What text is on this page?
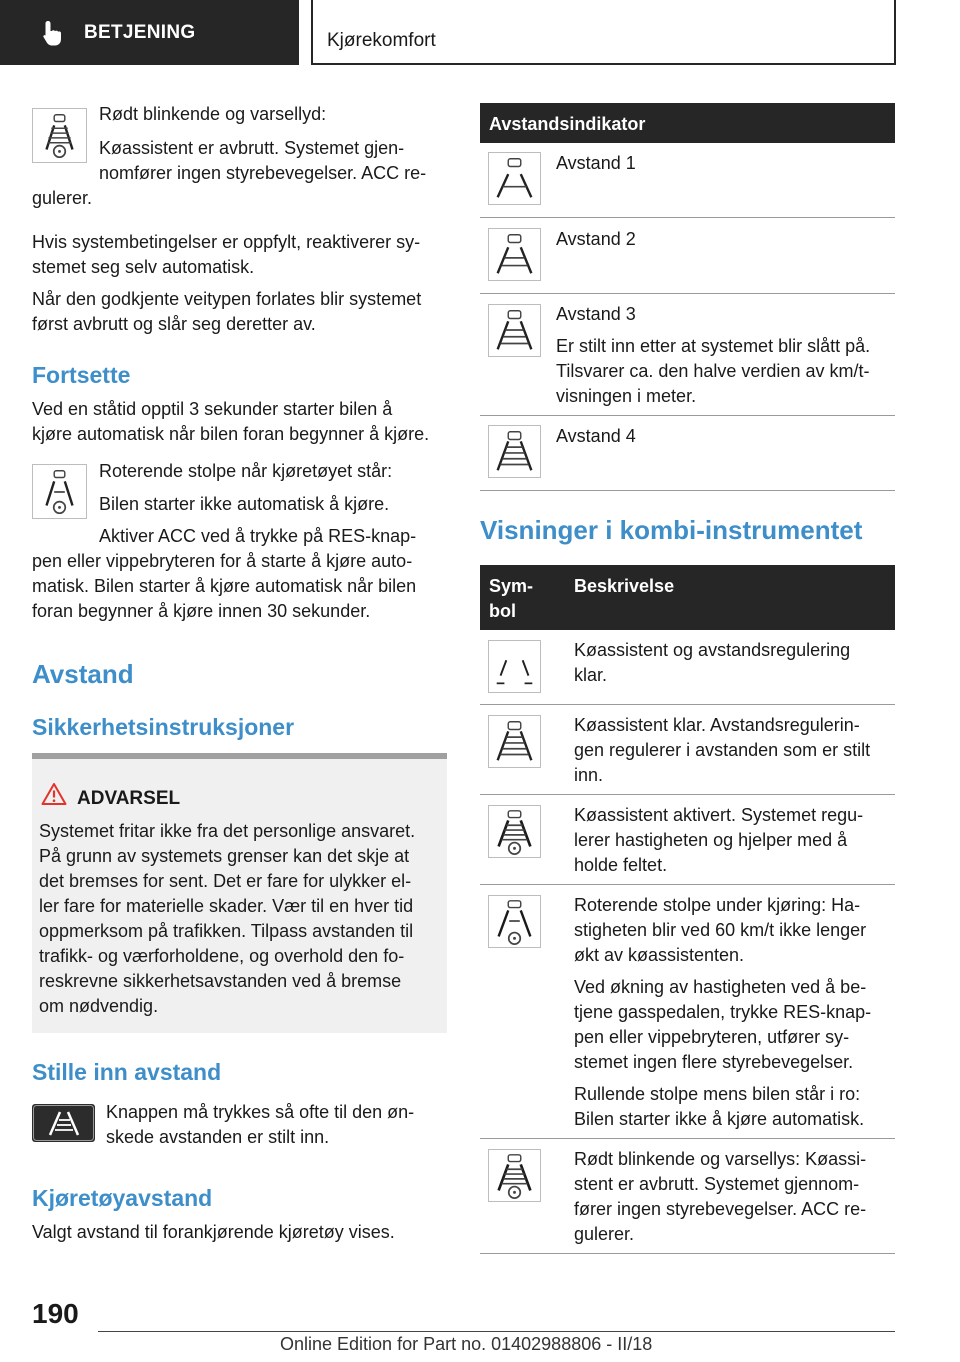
BETJENING	Kjørekomfort
Rødt blinkende og varsellyd:
Køassistent er avbrutt. Systemet gjen‐
nomfører ingen styrebevegelser. ACC re‐
gulerer.
Hvis systembetingelser er oppfylt, reaktiverer sy‐
stemet seg selv automatisk.
Når den godkjente veitypen forlates blir systemet
først avbrutt og slår seg deretter av.
Fortsette
Ved en ståtid opptil 3 sekunder starter bilen å
kjøre automatisk når bilen foran begynner å kjøre.
Roterende stolpe når kjøretøyet står:
Bilen starter ikke automatisk å kjøre.
Aktiver ACC ved å trykke på RES-knap‐
pen eller vippebryteren for å starte å kjøre auto‐
matisk. Bilen starter å kjøre automatisk når bilen
foran begynner å kjøre innen 30 sekunder.
Avstand
Sikkerhetsinstruksjoner
ADVARSEL
Systemet fritar ikke fra det personlige ansvaret.
På grunn av systemets grenser kan det skje at
det bremses for sent. Det er fare for ulykker el‐
ler fare for materielle skader. Vær til en hver tid
oppmerksom på trafikken. Tilpass avstanden til
trafikk- og værforholdene, og overhold den fo‐
reskrevne sikkerhetsavstanden ved å bremse
om nødvendig.
Stille inn avstand
Knappen må trykkes så ofte til den øn‐
skede avstanden er stilt inn.
Kjøretøyavstand
Valgt avstand til forankjørende kjøretøy vises.
Avstandsindikator
Avstand 1
Avstand 2
Avstand 3
Er stilt inn etter at systemet blir slått på.
Tilsvarer ca. den halve verdien av km/t-
visningen i meter.
Avstand 4
Visninger i kombi-instrumentet
Sym‐
bol
Beskrivelse
Køassistent og avstandsregulering
klar.
Køassistent klar. Avstandsregulerin‐
gen regulerer i avstanden som er stilt
inn.
Køassistent aktivert. Systemet regu‐
lerer hastigheten og hjelper med å
holde feltet.
Roterende stolpe under kjøring: Ha‐
stigheten blir ved 60 km/t ikke lenger
økt av køassistenten.
Ved økning av hastigheten ved å be‐
tjene gasspedalen, trykke RES-knap‐
pen eller vippebryteren, utfører sy‐
stemet ingen flere styrebevegelser.
Rullende stolpe mens bilen står i ro:
Bilen starter ikke å kjøre automatisk.
Rødt blinkende og varsellys: Køassi‐
stent er avbrutt. Systemet gjennom‐
fører ingen styrebevegelser. ACC re‐
gulerer.
190
Online Edition for Part no. 01402988806 - II/18
